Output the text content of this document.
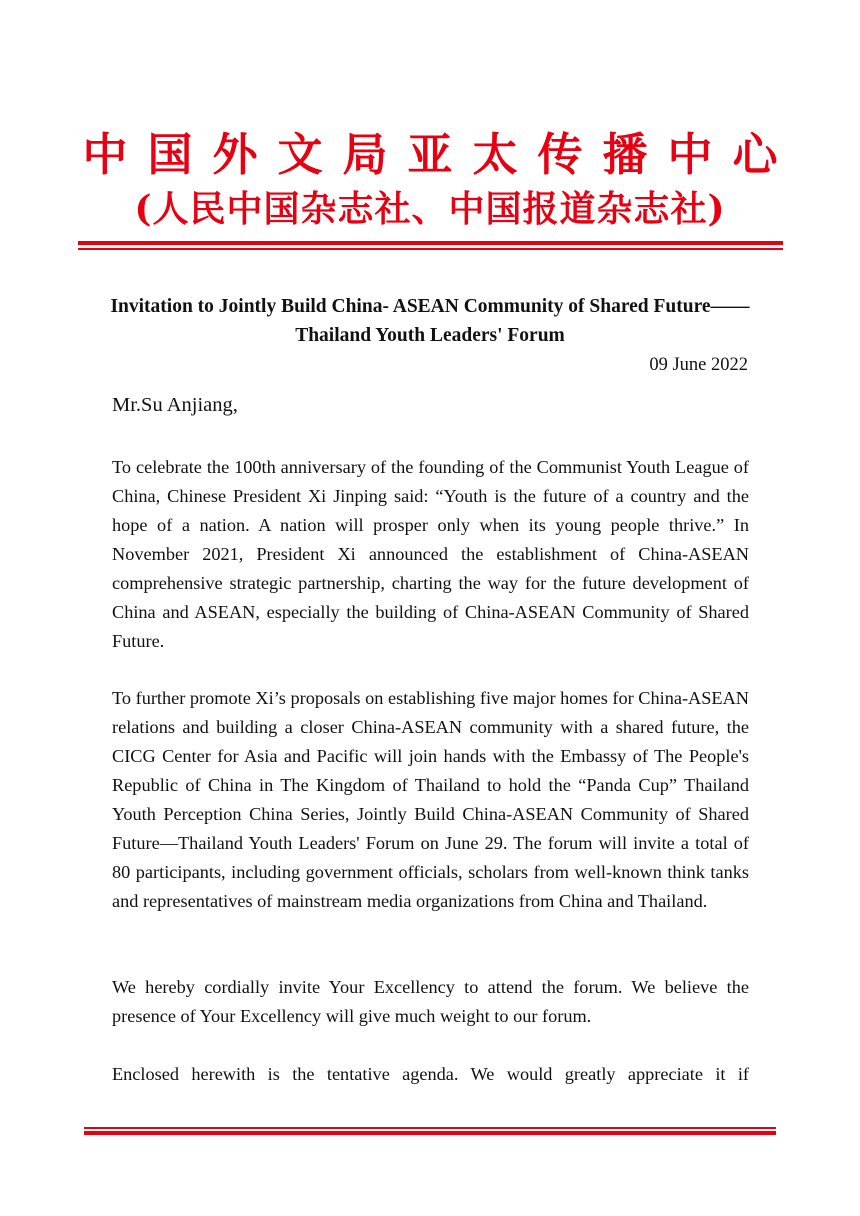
中国外文局亚太传播中心
(人民中国杂志社、中国报道杂志社)
Invitation to Jointly Build China- ASEAN Community of Shared Future——Thailand Youth Leaders' Forum
09 June 2022
Mr.Su Anjiang,

To celebrate the 100th anniversary of the founding of the Communist Youth League of China, Chinese President Xi Jinping said: “Youth is the future of a country and the hope of a nation. A nation will prosper only when its young people thrive.” In November 2021, President Xi announced the establishment of China-ASEAN comprehensive strategic partnership, charting the way for the future development of China and ASEAN, especially the building of China-ASEAN Community of Shared Future.

To further promote Xi’s proposals on establishing five major homes for China-ASEAN relations and building a closer China-ASEAN community with a shared future, the CICG Center for Asia and Pacific will join hands with the Embassy of The People's Republic of China in The Kingdom of Thailand to hold the “Panda Cup” Thailand Youth Perception China Series, Jointly Build China-ASEAN Community of Shared Future—Thailand Youth Leaders' Forum on June 29. The forum will invite a total of 80 participants, including government officials, scholars from well-known think tanks and representatives of mainstream media organizations from China and Thailand.

We hereby cordially invite Your Excellency to attend the forum. We believe the presence of Your Excellency will give much weight to our forum.

Enclosed herewith is the tentative agenda. We would greatly appreciate it if
